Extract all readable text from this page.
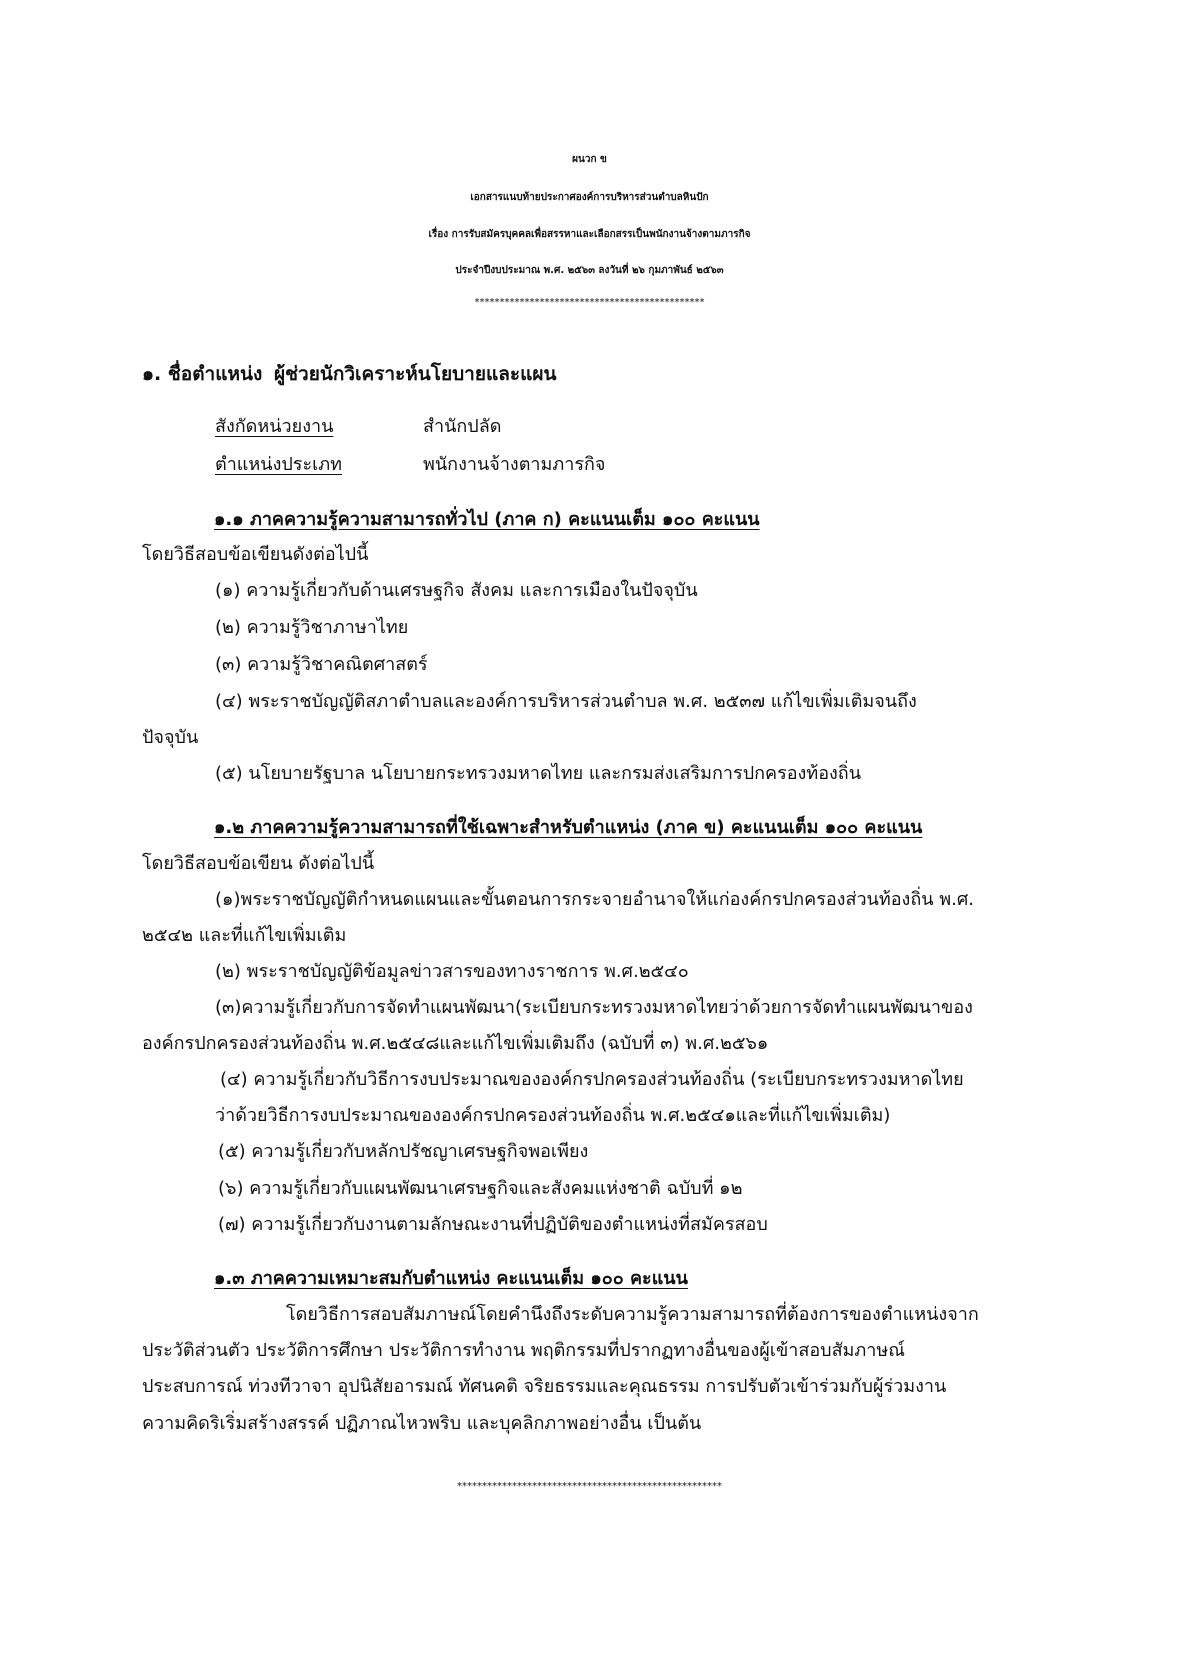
ผนวก ข
เอกสารแนบท้ายประกาศองค์การบริหารส่วนตำบลหินปัก
เรื่อง การรับสมัครบุคคลเพื่อสรรหาและเลือกสรรเป็นพนักงานจ้างตามภารกิจ
ประจำปีงบประมาณ พ.ศ. ๒๕๖๓ ลงวันที่ ๒๖ กุมภาพันธ์ ๒๕๖๓
**********************************************
๑. ชื่อตำแหน่ง ผู้ช่วยนักวิเคราะห์นโยบายและแผน
สังกัดหน่วยงาน	สำนักปลัด
ตำแหน่งประเภท	พนักงานจ้างตามภารกิจ
๑.๑ ภาคความรู้ความสามารถทั่วไป (ภาค ก) คะแนนเต็ม ๑๐๐ คะแนน
โดยวิธีสอบข้อเขียนดังต่อไปนี้
(๑) ความรู้เกี่ยวกับด้านเศรษฐกิจ สังคม และการเมืองในปัจจุบัน
(๒) ความรู้วิชาภาษาไทย
(๓) ความรู้วิชาคณิตศาสตร์
(๔) พระราชบัญญัติสภาตำบลและองค์การบริหารส่วนตำบล พ.ศ. ๒๕๓๗ แก้ไขเพิ่มเติมจนถึง
ปัจจุบัน
(๕) นโยบายรัฐบาล นโยบายกระทรวงมหาดไทย และกรมส่งเสริมการปกครองท้องถิ่น
๑.๒ ภาคความรู้ความสามารถที่ใช้เฉพาะสำหรับตำแหน่ง (ภาค ข) คะแนนเต็ม ๑๐๐ คะแนน
โดยวิธีสอบข้อเขียน ดังต่อไปนี้
(๑)พระราชบัญญัติกำหนดแผนและขั้นตอนการกระจายอำนาจให้แก่องค์กรปกครองส่วนท้องถิ่น พ.ศ.
๒๕๔๒ และที่แก้ไขเพิ่มเติม
(๒) พระราชบัญญัติข้อมูลข่าวสารของทางราชการ พ.ศ.๒๕๔๐
(๓)ความรู้เกี่ยวกับการจัดทำแผนพัฒนา(ระเบียบกระทรวงมหาดไทยว่าด้วยการจัดทำแผนพัฒนาของ
องค์กรปกครองส่วนท้องถิ่น พ.ศ.๒๕๔๘และแก้ไขเพิ่มเติมถึง (ฉบับที่ ๓) พ.ศ.๒๕๖๑
(๔) ความรู้เกี่ยวกับวิธีการงบประมาณขององค์กรปกครองส่วนท้องถิ่น (ระเบียบกระทรวงมหาดไทย
ว่าด้วยวิธีการงบประมาณขององค์กรปกครองส่วนท้องถิ่น พ.ศ.๒๕๔๑และที่แก้ไขเพิ่มเติม)
(๕) ความรู้เกี่ยวกับหลักปรัชญาเศรษฐกิจพอเพียง
(๖) ความรู้เกี่ยวกับแผนพัฒนาเศรษฐกิจและสังคมแห่งชาติ ฉบับที่ ๑๒
(๗) ความรู้เกี่ยวกับงานตามลักษณะงานที่ปฏิบัติของตำแหน่งที่สมัครสอบ
๑.๓ ภาคความเหมาะสมกับตำแหน่ง คะแนนเต็ม ๑๐๐ คะแนน
โดยวิธีการสอบสัมภาษณ์โดยคำนึงถึงระดับความรู้ความสามารถที่ต้องการของตำแหน่งจาก
ประวัติส่วนตัว ประวัติการศึกษา ประวัติการทำงาน พฤติกรรมที่ปรากฏทางอื่นของผู้เข้าสอบสัมภาษณ์
ประสบการณ์ ท่วงทีวาจา อุปนิสัยอารมณ์ ทัศนคติ จริยธรรมและคุณธรรม การปรับตัวเข้าร่วมกับผู้ร่วมงาน
ความคิดริเริ่มสร้างสรรค์ ปฏิภาณไหวพริบ และบุคลิกภาพอย่างอื่น เป็นต้น
*****************************************************
